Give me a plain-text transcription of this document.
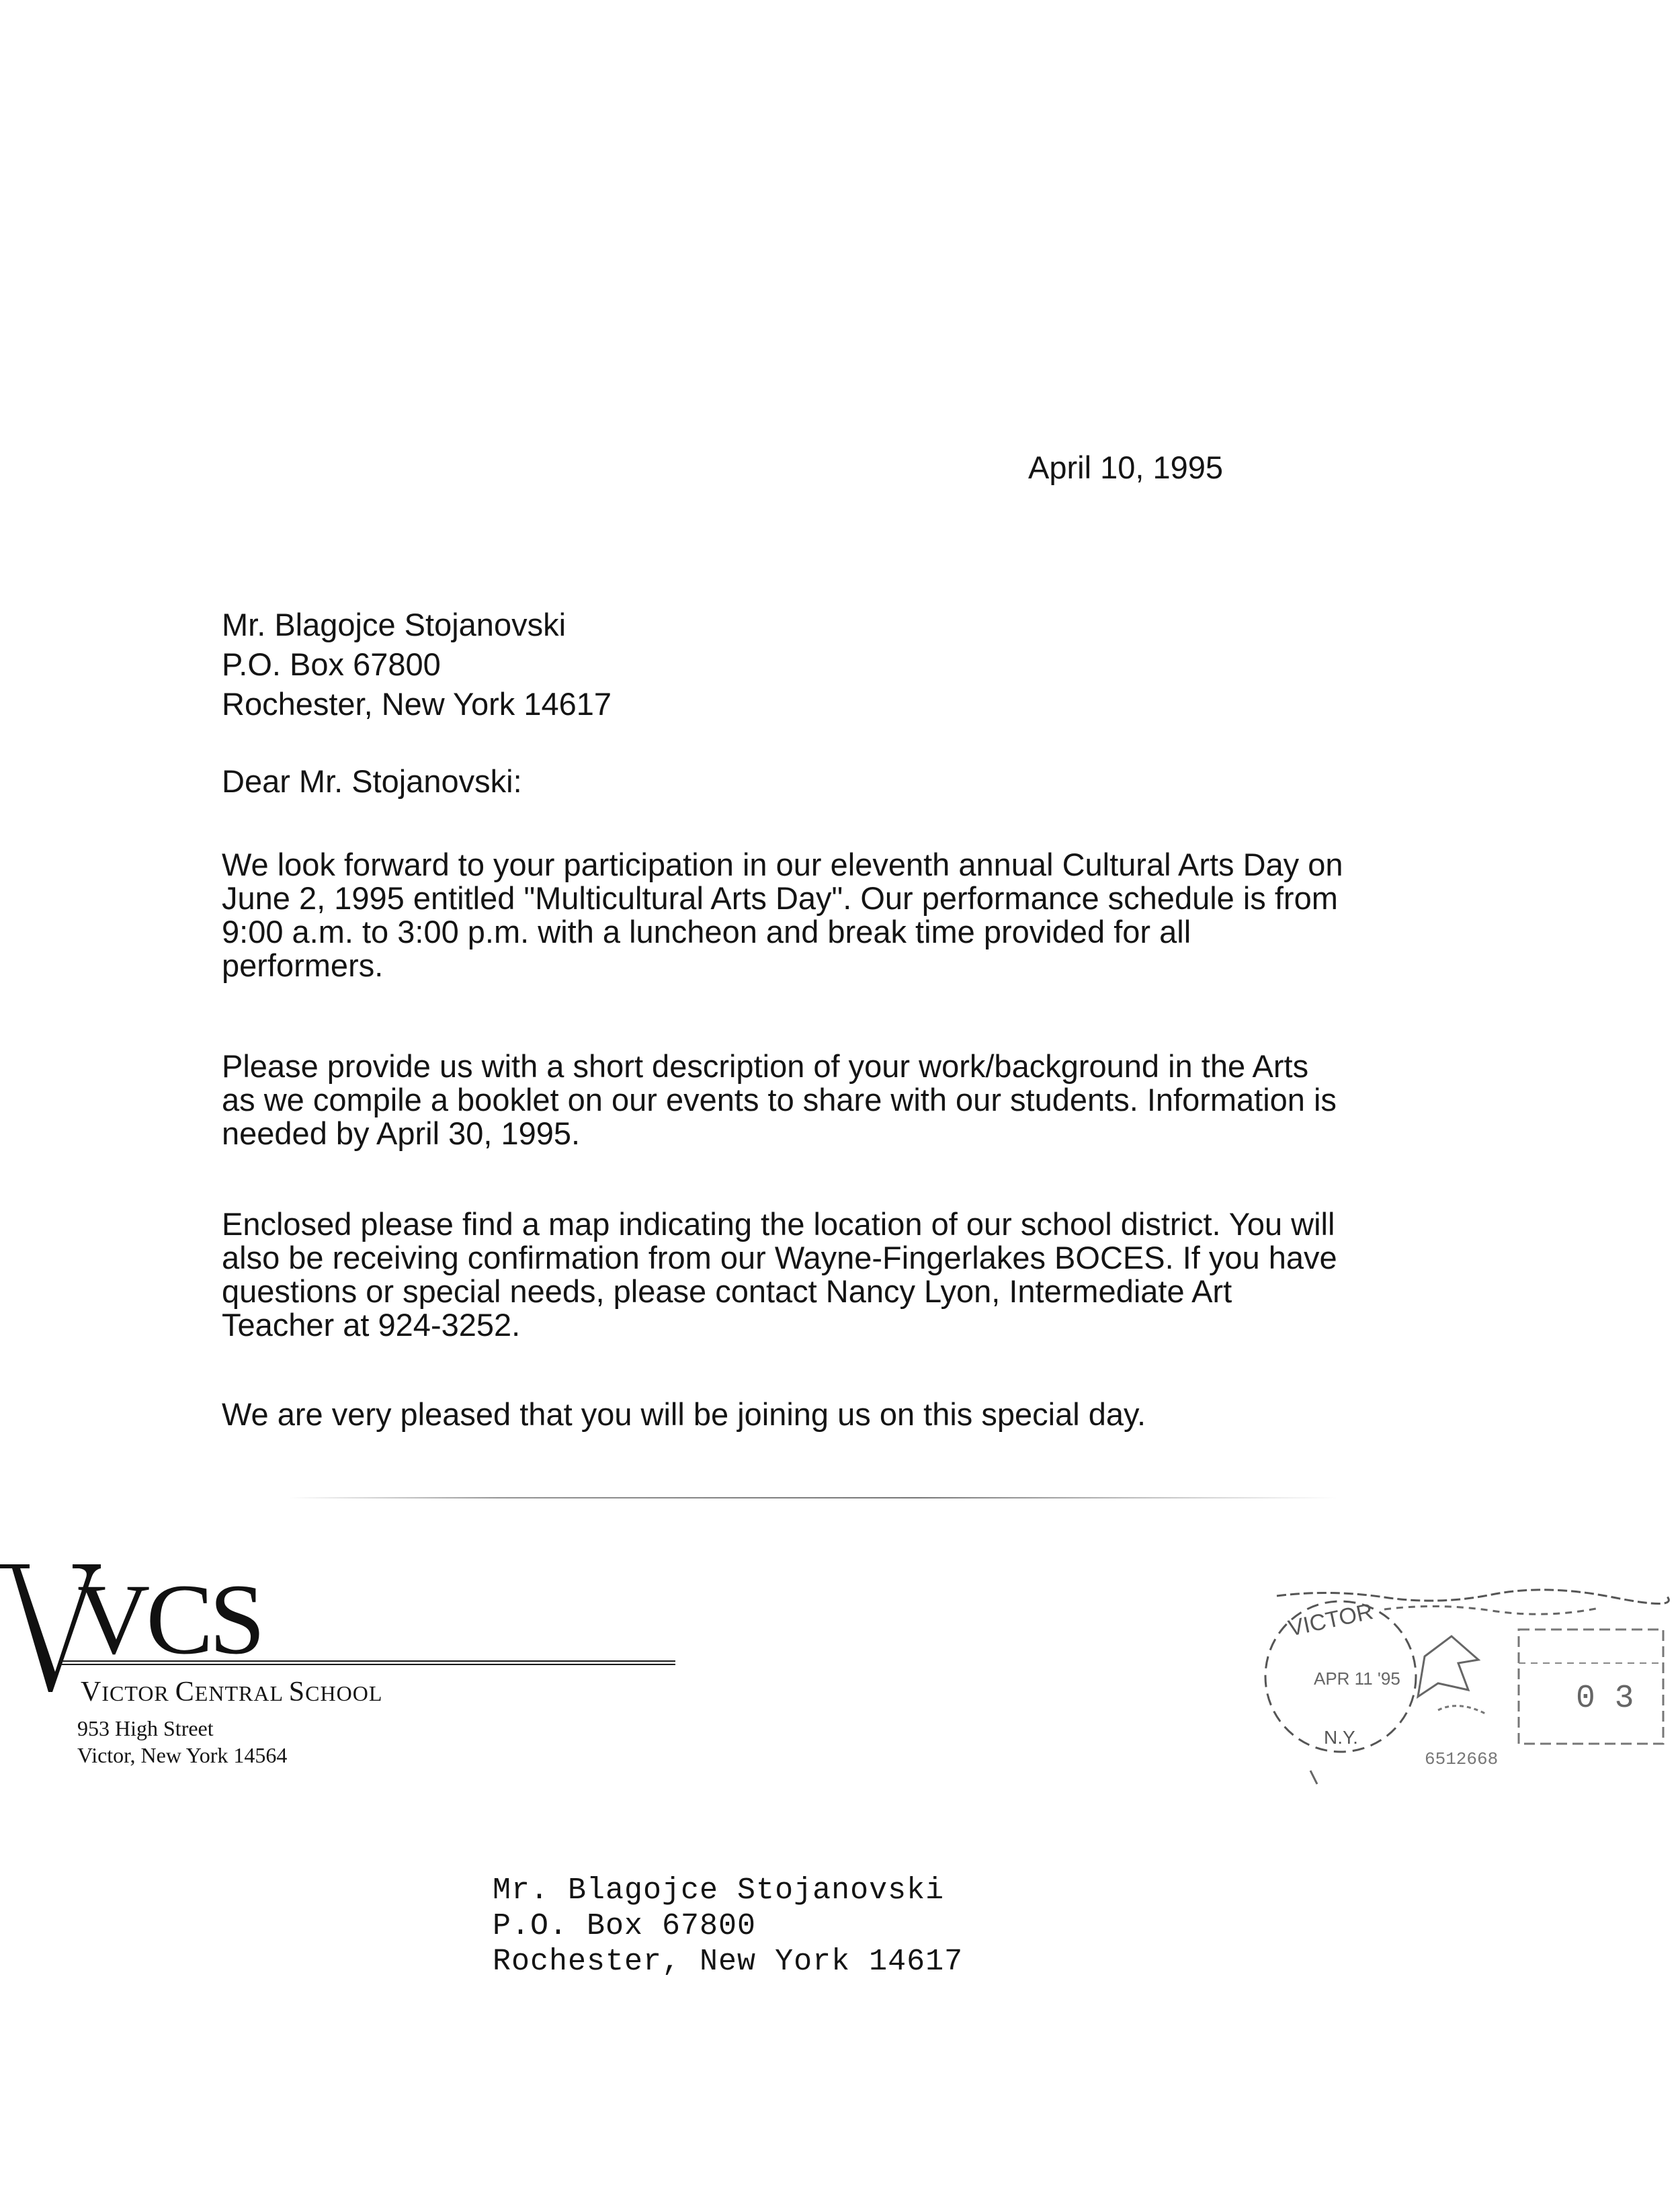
April 10, 1995
Mr. Blagojce Stojanovski
P.O. Box 67800
Rochester, New York 14617
Dear Mr. Stojanovski:
We look forward to your participation in our eleventh annual Cultural Arts Day on
June 2, 1995 entitled "Multicultural Arts Day". Our performance schedule is from
9:00 a.m. to 3:00 p.m. with a luncheon and break time provided for all
performers.
Please provide us with a short description of your work/background in the Arts
as we compile a booklet on our events to share with our students. Information is
needed by April 30, 1995.
Enclosed please find a map indicating the location of our school district. You will
also be receiving confirmation from our Wayne-Fingerlakes BOCES. If you have
questions or special needs, please contact Nancy Lyon, Intermediate Art
Teacher at 924-3252.
We are very pleased that you will be joining us on this special day.
VCS
VICTOR CENTRAL SCHOOL
953 High Street
Victor, New York 14564
VICTOR
APR 11 '95
N.Y.
0 3
6512668
Mr. Blagojce Stojanovski
P.O. Box 67800
Rochester, New York 14617
